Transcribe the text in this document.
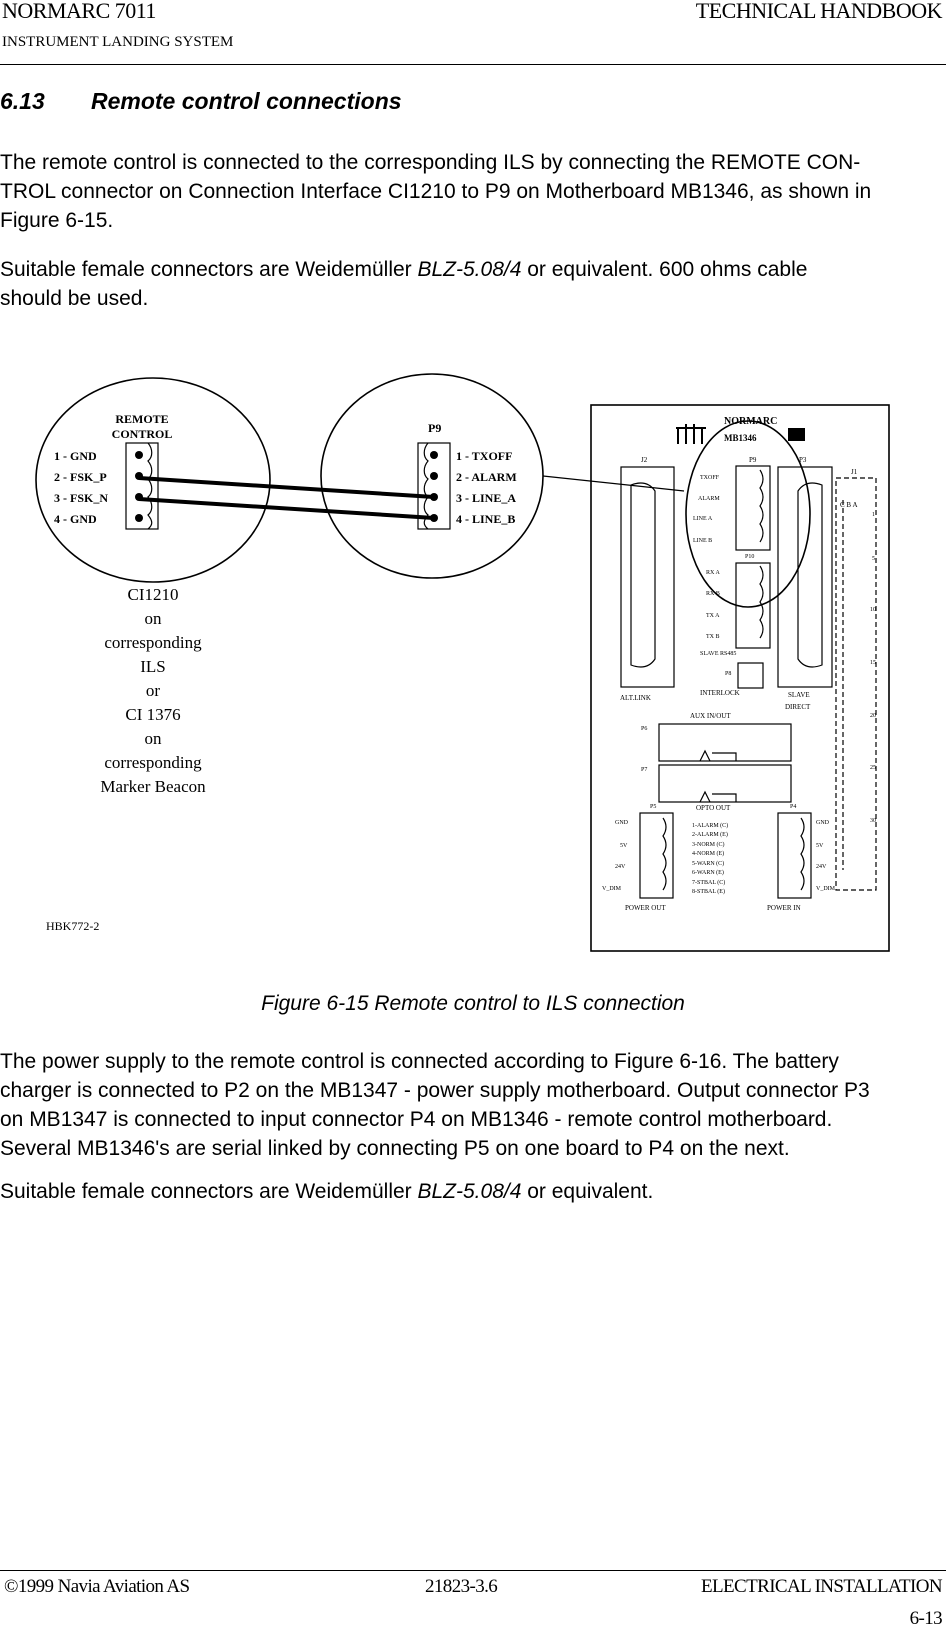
NORMARC 7011
INSTRUMENT LANDING SYSTEM
TECHNICAL HANDBOOK
6.13 Remote control connections
The remote control is connected to the corresponding ILS by connecting the REMOTE CON-
TROL connector on Connection Interface CI1210 to P9 on Motherboard MB1346, as shown in
Figure 6-15.
Suitable female connectors are Weidemüller BLZ-5.08/4 or equivalent. 600 ohms cable
should be used.
REMOTE
CONTROL
1 - GND
2 - FSK_P
3 - FSK_N
4 - GND
P9
1 - TXOFF
2 - ALARM
3 - LINE_A
4 - LINE_B
CI1210
on
corresponding
ILS
or
CI 1376
on
corresponding
Marker Beacon
HBK772-2
NORMARC
MB1346
J2	P9	P3
J1
C B A
1
5
10
15
20
25
30
TXOFF
ALARM
LINE A
LINE B
P10
RX A
RX B
TX A
TX B
SLAVE RS485
P8
ALT.LINK
INTERLOCK	SLAVE
DIRECT
AUX IN/OUT
P6
P7
P5	OPTO OUT	P4
GND
5V
24V
V_DIM
GND
5V
24V
V_DIM
1-ALARM (C)
2-ALARM (E)
3-NORM (C)
4-NORM (E)
5-WARN (C)
6-WARN (E)
7-STBAL (C)
8-STBAL (E)
POWER OUT	POWER IN
Figure 6-15 Remote control to ILS connection
The power supply to the remote control is connected according to Figure 6-16. The battery
charger is connected to P2 on the MB1347 - power supply motherboard. Output connector P3
on MB1347 is connected to input connector P4 on MB1346 - remote control motherboard.
Several MB1346's are serial linked by connecting P5 on one board to P4 on the next.
Suitable female connectors are Weidemüller BLZ-5.08/4 or equivalent.
©1999 Navia Aviation AS	21823-3.6	ELECTRICAL INSTALLATION
6-13
